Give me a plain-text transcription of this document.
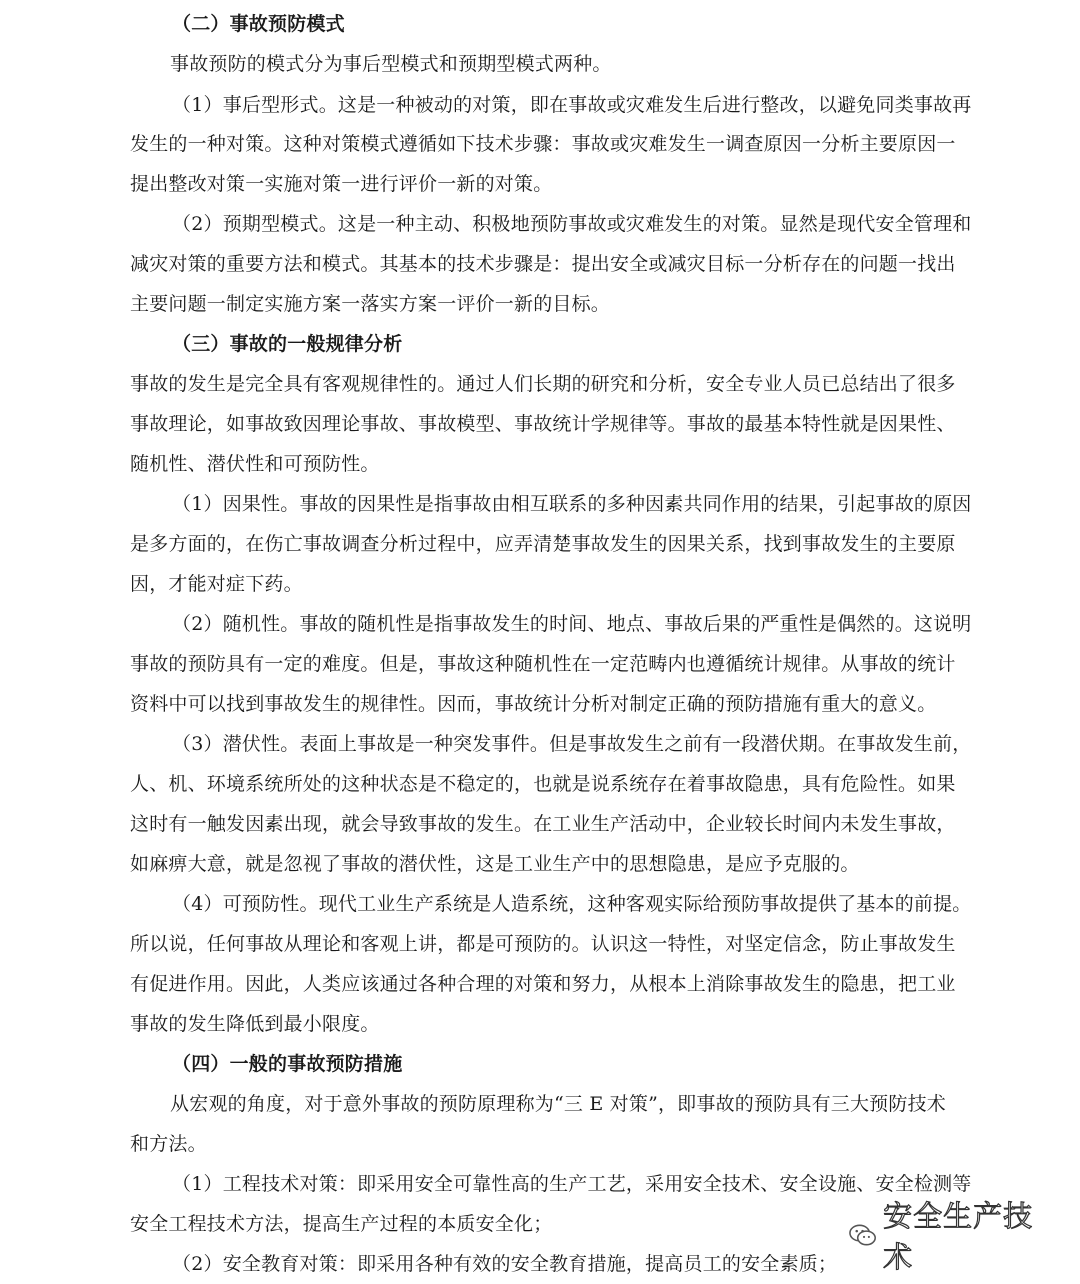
（二）事故预防模式
事故预防的模式分为事后型模式和预期型模式两种。
（1）事后型形式。这是一种被动的对策，即在事故或灾难发生后进行整改，以避免同类事故再
发生的一种对策。这种对策模式遵循如下技术步骤：事故或灾难发生一调查原因一分析主要原因一
提出整改对策一实施对策一进行评价一新的对策。
（2）预期型模式。这是一种主动、积极地预防事故或灾难发生的对策。显然是现代安全管理和
减灾对策的重要方法和模式。其基本的技术步骤是：提出安全或减灾目标一分析存在的问题一找出
主要问题一制定实施方案一落实方案一评价一新的目标。
（三）事故的一般规律分析
事故的发生是完全具有客观规律性的。通过人们长期的研究和分析，安全专业人员已总结出了很多
事故理论，如事故致因理论事故、事故模型、事故统计学规律等。事故的最基本特性就是因果性、
随机性、潜伏性和可预防性。
（1）因果性。事故的因果性是指事故由相互联系的多种因素共同作用的结果，引起事故的原因
是多方面的，在伤亡事故调查分析过程中，应弄清楚事故发生的因果关系，找到事故发生的主要原
因，才能对症下药。
（2）随机性。事故的随机性是指事故发生的时间、地点、事故后果的严重性是偶然的。这说明
事故的预防具有一定的难度。但是，事故这种随机性在一定范畴内也遵循统计规律。从事故的统计
资料中可以找到事故发生的规律性。因而，事故统计分析对制定正确的预防措施有重大的意义。
（3）潜伏性。表面上事故是一种突发事件。但是事故发生之前有一段潜伏期。在事故发生前，
人、机、环境系统所处的这种状态是不稳定的，也就是说系统存在着事故隐患，具有危险性。如果
这时有一触发因素出现，就会导致事故的发生。在工业生产活动中，企业较长时间内未发生事故，
如麻痹大意，就是忽视了事故的潜伏性，这是工业生产中的思想隐患，是应予克服的。
（4）可预防性。现代工业生产系统是人造系统，这种客观实际给预防事故提供了基本的前提。
所以说，任何事故从理论和客观上讲，都是可预防的。认识这一特性，对坚定信念，防止事故发生
有促进作用。因此，人类应该通过各种合理的对策和努力，从根本上消除事故发生的隐患，把工业
事故的发生降低到最小限度。
（四）一般的事故预防措施
从宏观的角度，对于意外事故的预防原理称为“三 E 对策”，即事故的预防具有三大预防技术
和方法。
（1）工程技术对策：即采用安全可靠性高的生产工艺，采用安全技术、安全设施、安全检测等
安全工程技术方法，提高生产过程的本质安全化；
（2）安全教育对策：即采用各种有效的安全教育措施，提高员工的安全素质；
安全生产技术
